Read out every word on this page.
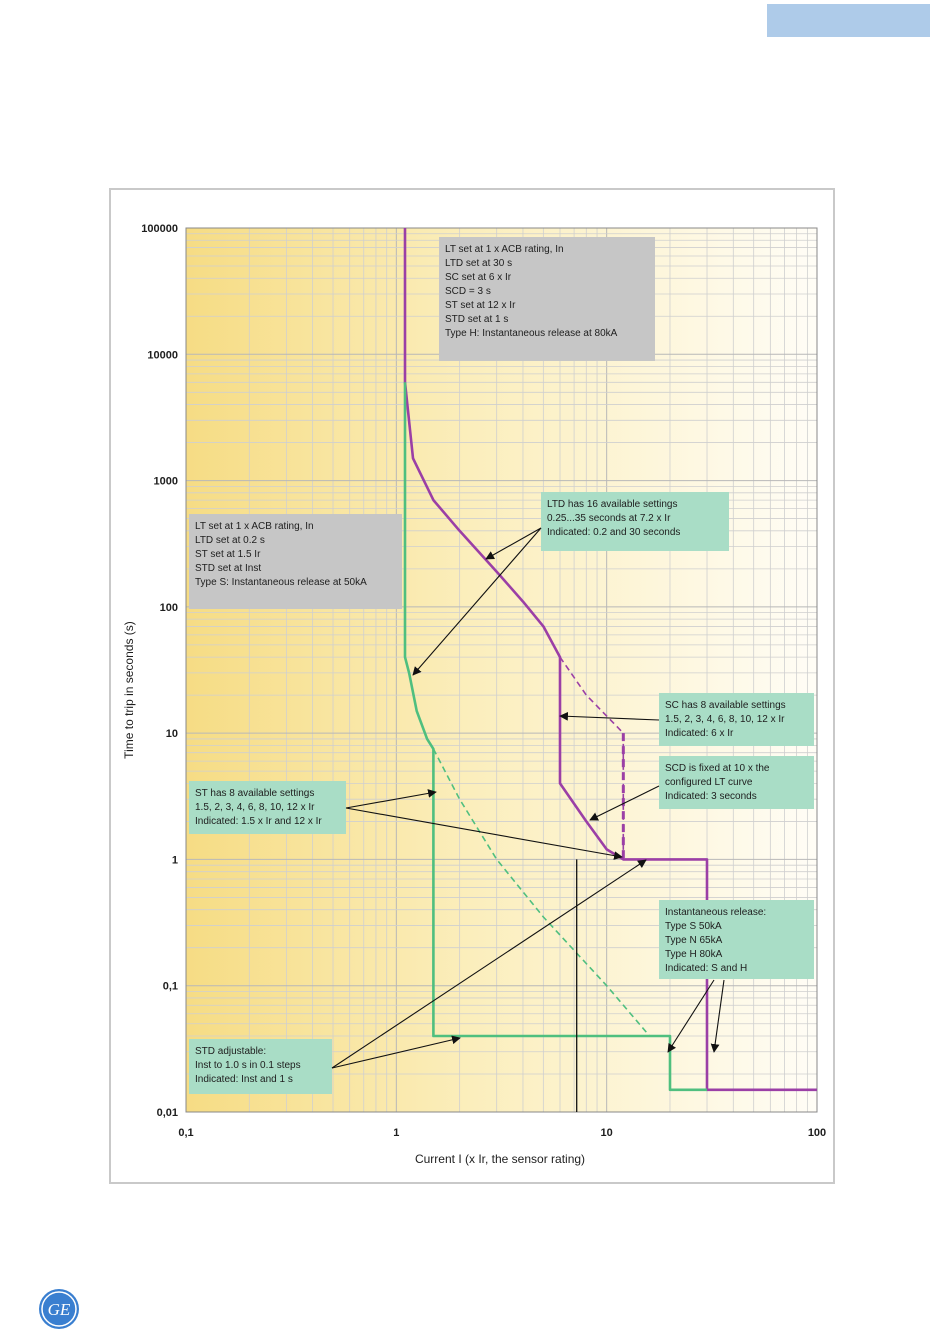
LT set at 1 x ACB rating, In
LTD set at 30 s
SC set at 6 x Ir
SCD = 3 s
ST set at 12 x Ir
STD set at 1 s
Type H: Instantaneous release at 80kA
LT set at 1 x ACB rating, In
LTD set at 0.2 s
ST set at 1.5 Ir
STD set at Inst
Type S: Instantaneous release at 50kA
LTD has 16 available settings
0.25...35 seconds at 7.2 x Ir
Indicated: 0.2 and 30 seconds
SC has 8 available settings
1.5, 2, 3, 4, 6, 8, 10, 12 x Ir
Indicated: 6 x Ir
SCD is fixed at 10 x the
configured LT curve
Indicated: 3 seconds
ST has 8 available settings
1.5, 2, 3, 4, 6, 8, 10, 12 x Ir
Indicated: 1.5 x Ir and 12 x Ir
Instantaneous release:
Type S 50kA
Type N 65kA
Type H 80kA
Indicated: S and H
STD adjustable:
Inst to 1.0 s in 0.1 steps
Indicated: Inst and 1 s
0,1	1	10	100
0,01
0,1
1
10
100
1000
10000
100000
Current I (x Ir, the sensor rating)
Time to trip in seconds (s)
GE
